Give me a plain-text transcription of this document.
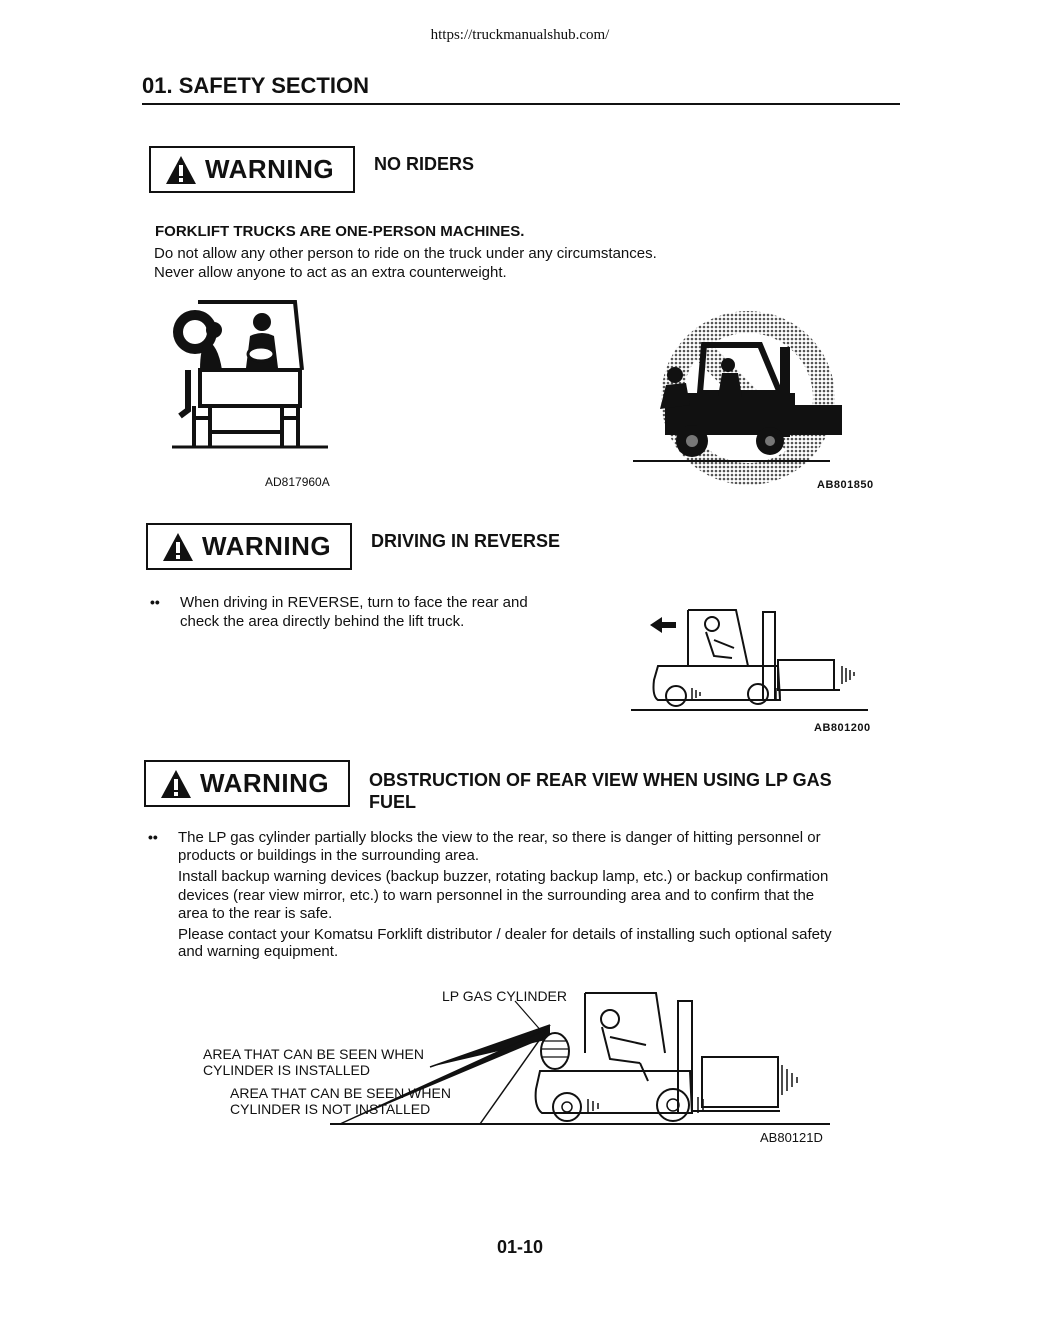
https://truckmanualshub.com/
01. SAFETY SECTION
WARNING NO RIDERS
FORKLIFT TRUCKS ARE ONE-PERSON MACHINES.
Do not allow any other person to ride on the truck under any circumstances.
Never allow anyone to act as an extra counterweight.
AD817960A	AB801850
WARNING DRIVING IN REVERSE
•• When driving in REVERSE, turn to face the rear and
check the area directly behind the lift truck.
AB801200
WARNING OBSTRUCTION OF REAR VIEW WHEN USING LP GAS
FUEL
•• The LP gas cylinder partially blocks the view to the rear, so there is danger of hitting personnel or
products or buildings in the surrounding area.
Install backup warning devices (backup buzzer, rotating backup lamp, etc.) or backup confirmation
devices (rear view mirror, etc.) to warn personnel in the surrounding area and to confirm that the
area to the rear is safe.
Please contact your Komatsu Forklift distributor / dealer for details of installing such optional safety
and warning equipment.
LP GAS CYLINDER
AREA THAT CAN BE SEEN WHEN
CYLINDER IS INSTALLED
AREA THAT CAN BE SEEN WHEN
CYLINDER IS NOT INSTALLED
AB80121D
01-10
